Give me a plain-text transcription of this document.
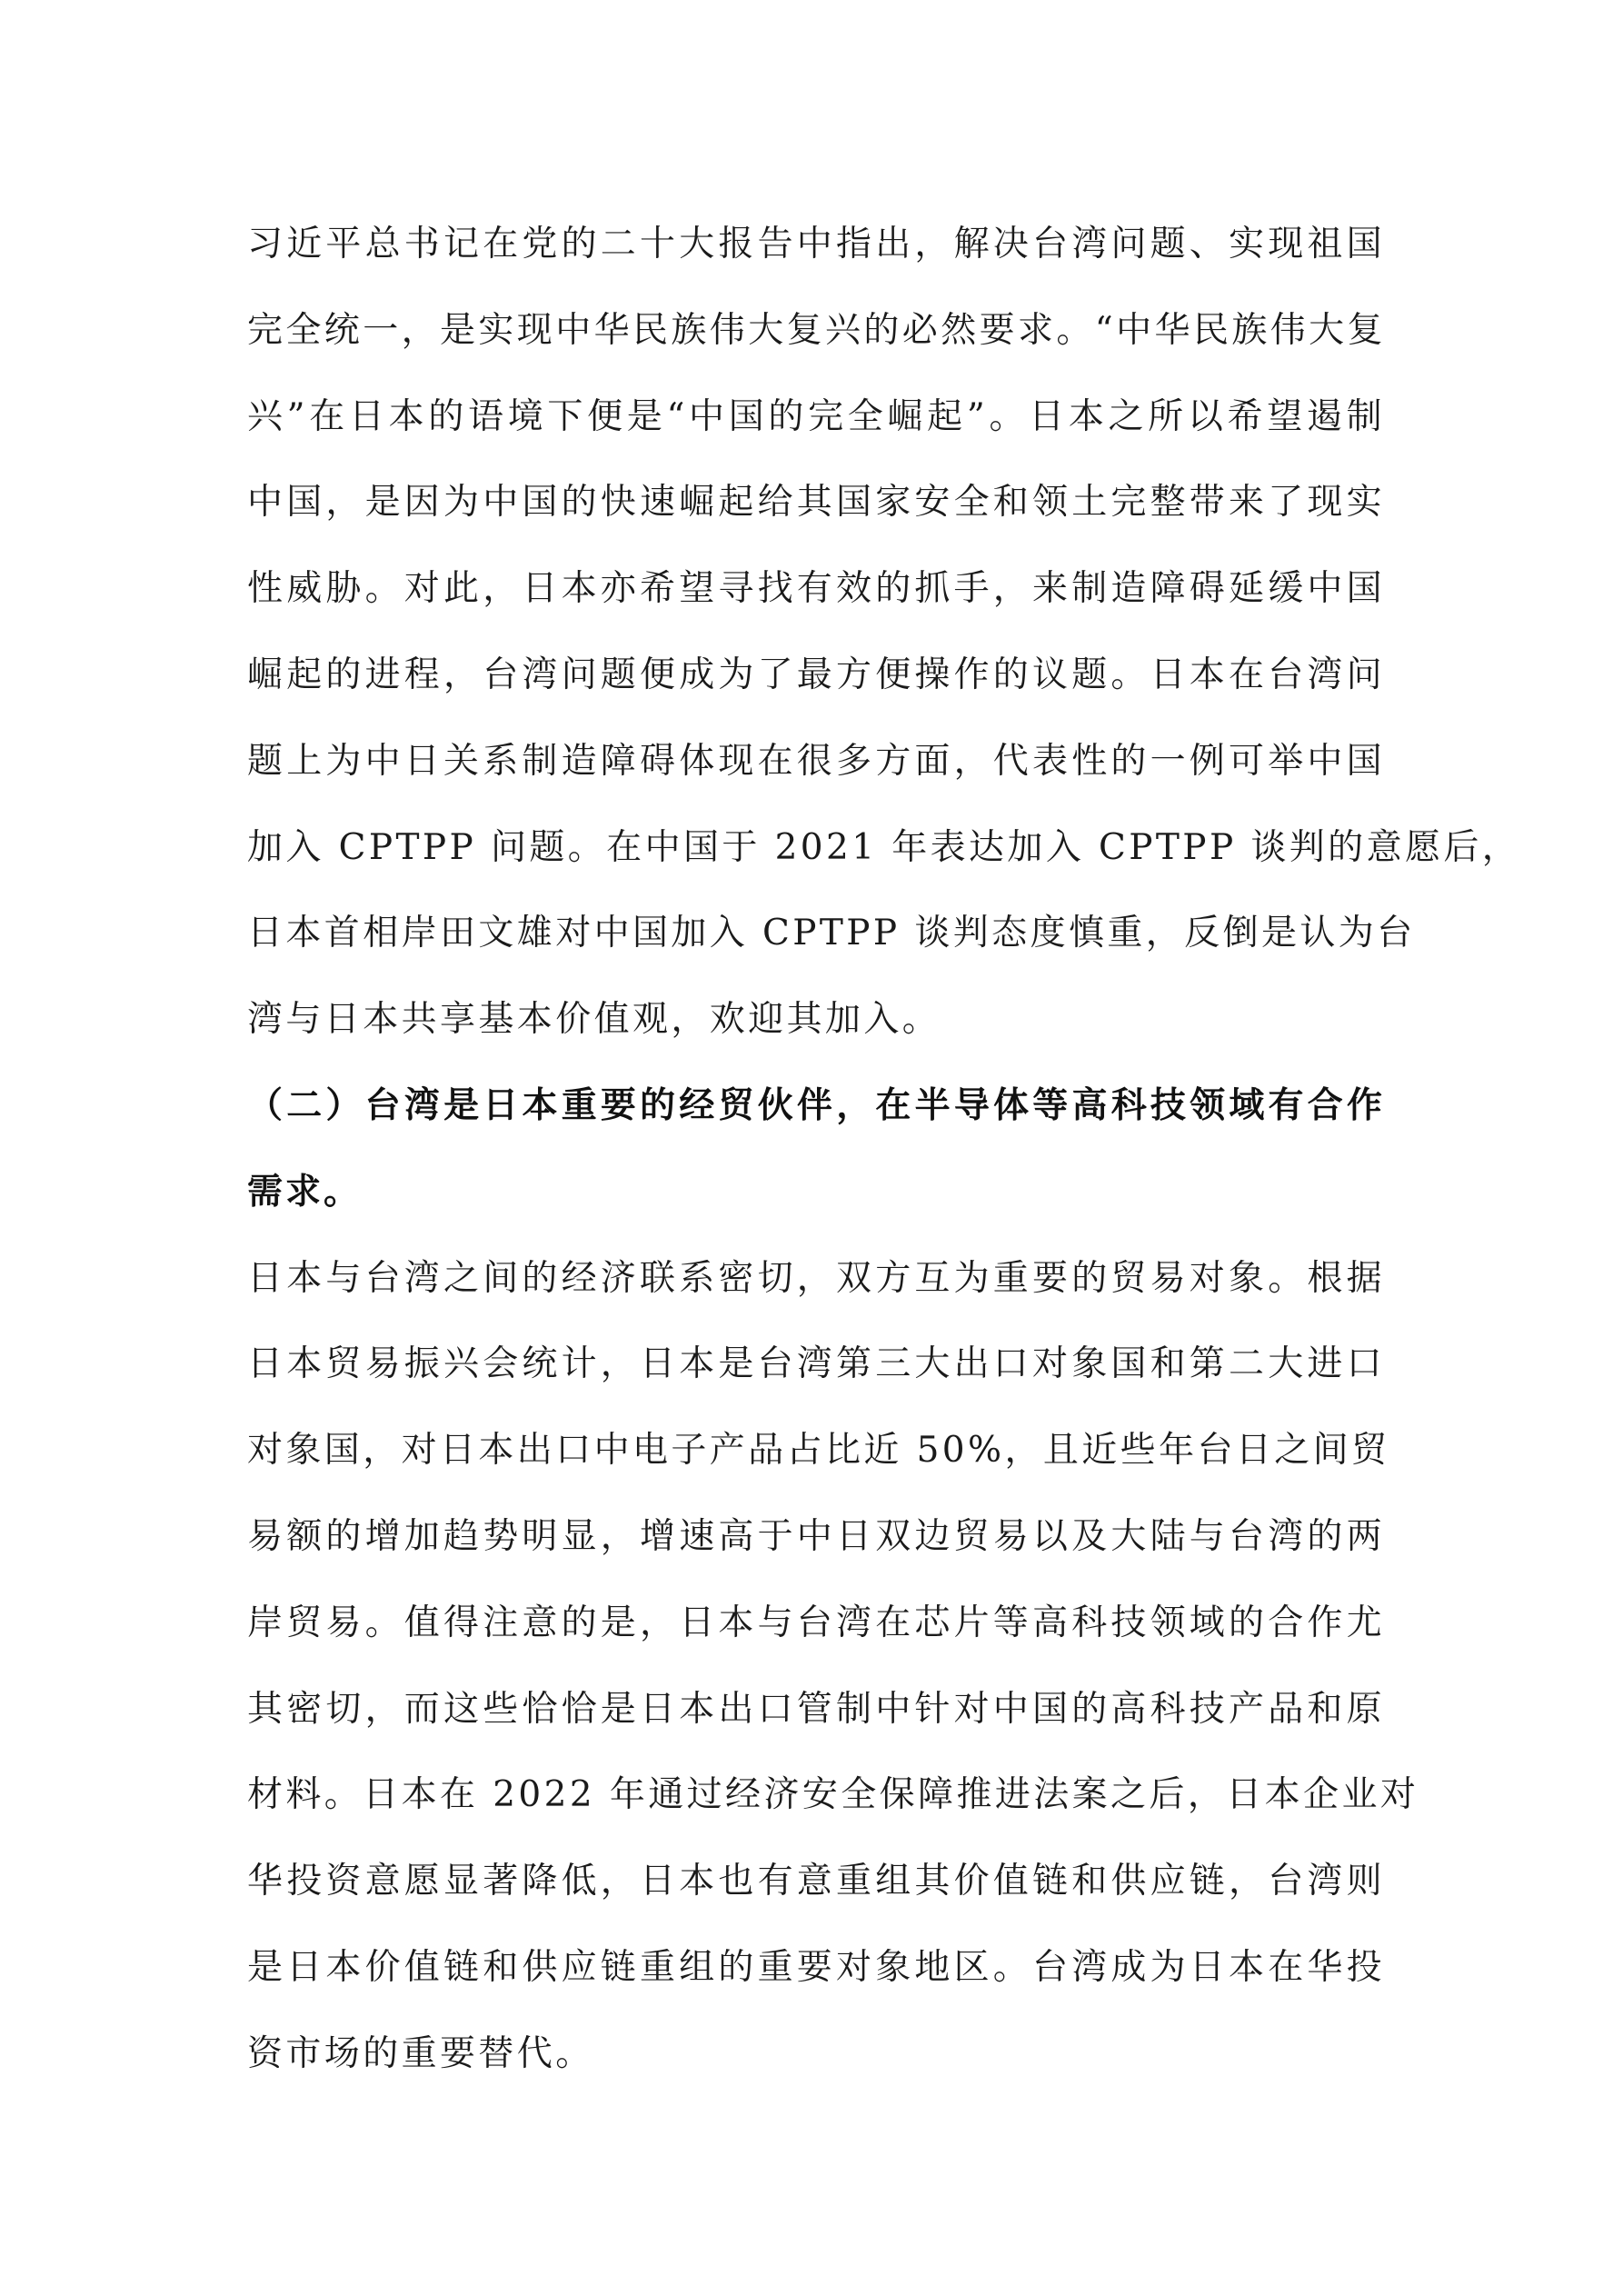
习近平总书记在党的二十大报告中指出，解决台湾问题、实现祖国
完全统一，是实现中华民族伟大复兴的必然要求。“中华民族伟大复
兴”在日本的语境下便是“中国的完全崛起”。日本之所以希望遏制
中国，是因为中国的快速崛起给其国家安全和领土完整带来了现实
性威胁。对此，日本亦希望寻找有效的抓手，来制造障碍延缓中国
崛起的进程，台湾问题便成为了最方便操作的议题。日本在台湾问
题上为中日关系制造障碍体现在很多方面，代表性的一例可举中国
加入 CPTPP 问题。在中国于 2021 年表达加入 CPTPP 谈判的意愿后，
日本首相岸田文雄对中国加入 CPTPP 谈判态度慎重，反倒是认为台
湾与日本共享基本价值观，欢迎其加入。
（二）台湾是日本重要的经贸伙伴，在半导体等高科技领域有合作
需求。
日本与台湾之间的经济联系密切，双方互为重要的贸易对象。根据
日本贸易振兴会统计，日本是台湾第三大出口对象国和第二大进口
对象国，对日本出口中电子产品占比近 50%，且近些年台日之间贸
易额的增加趋势明显，增速高于中日双边贸易以及大陆与台湾的两
岸贸易。值得注意的是，日本与台湾在芯片等高科技领域的合作尤
其密切，而这些恰恰是日本出口管制中针对中国的高科技产品和原
材料。日本在 2022 年通过经济安全保障推进法案之后，日本企业对
华投资意愿显著降低，日本也有意重组其价值链和供应链，台湾则
是日本价值链和供应链重组的重要对象地区。台湾成为日本在华投
资市场的重要替代。
